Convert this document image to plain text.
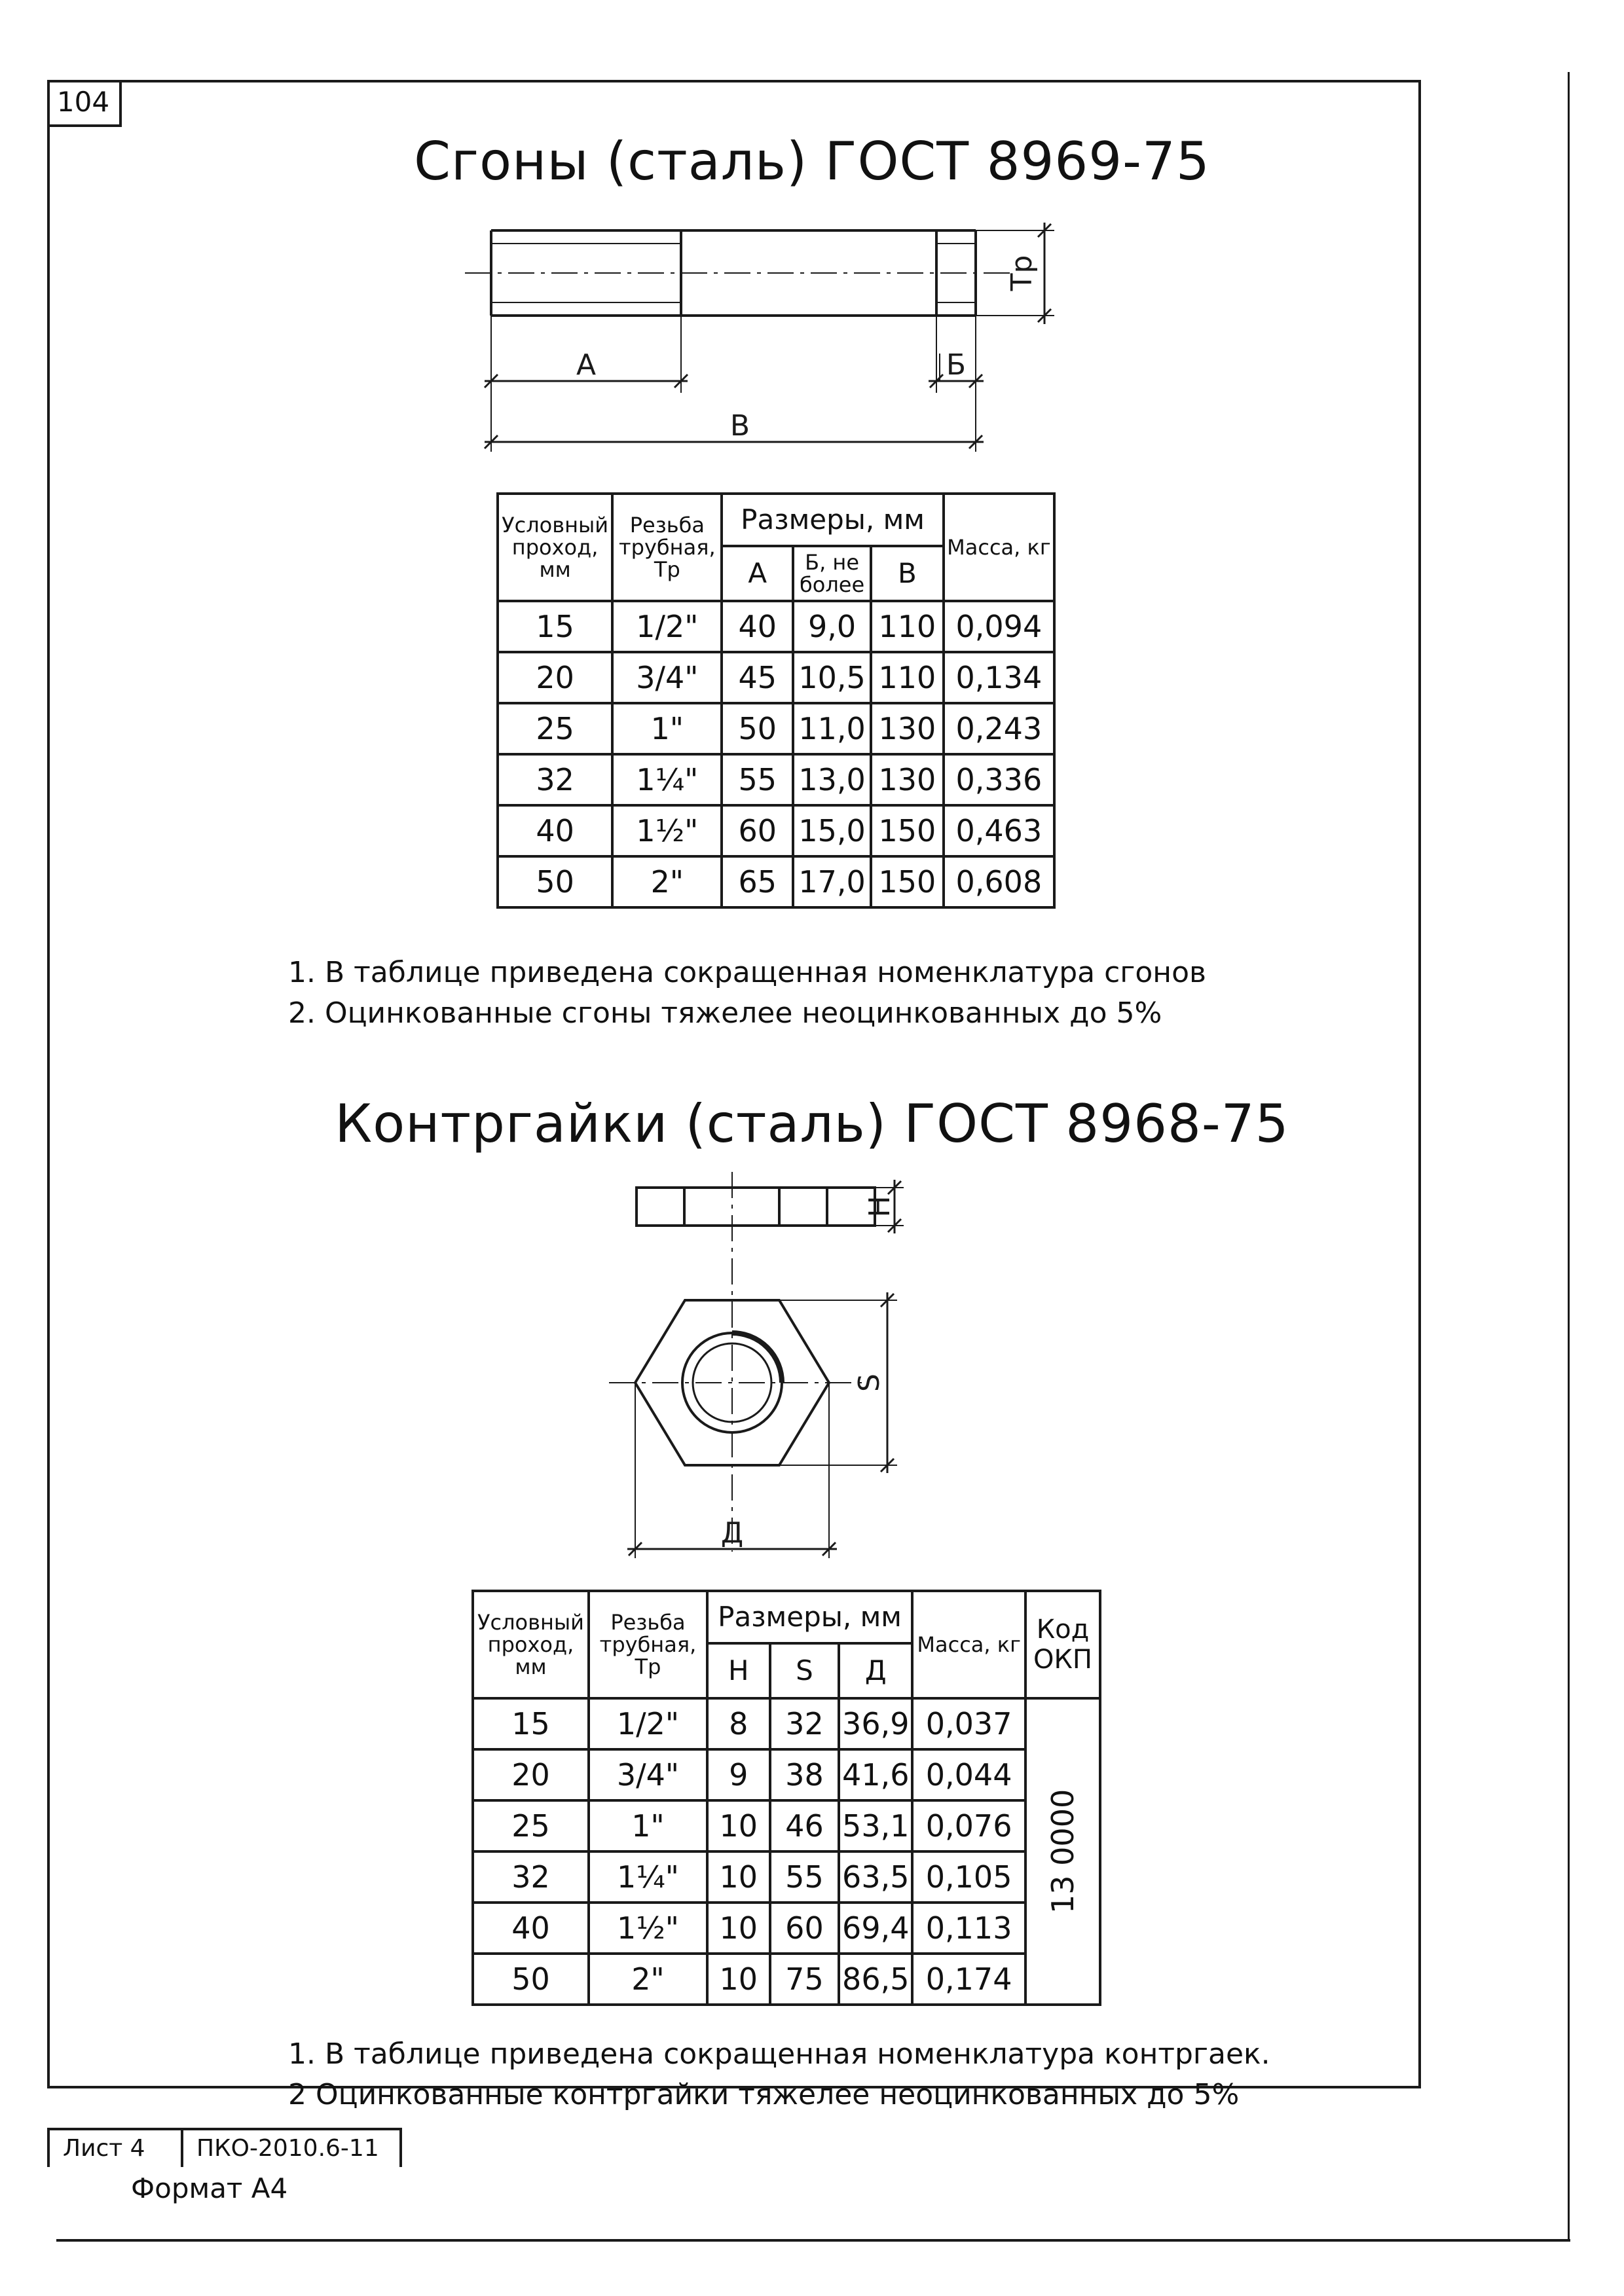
104
Сгоны (сталь) ГОСТ 8969-75
А	Б
В
Тр
Условный проход, мм	Резьба трубная, Тр	Размеры, мм			Масса, кг
		А	Б, не более	В	
15	1/2"	40	9,0	110	0,094
20	3/4"	45	10,5	110	0,134
25	1"	50	11,0	130	0,243
32	1¼"	55	13,0	130	0,336
40	1½"	60	15,0	150	0,463
50	2"	65	17,0	150	0,608
1. В таблице приведена сокращенная номенклатура сгонов
2. Оцинкованные сгоны тяжелее неоцинкованных до 5%
Контргайки (сталь) ГОСТ 8968-75
Н
S
Д
Условный проход, мм	Резьба трубная, Тр	Размеры, мм			Масса, кг	Код ОКП
		Н	S	Д		
15	1/2"	8	32	36,9	0,037	13 0000
20	3/4"	9	38	41,6	0,044	
25	1"	10	46	53,1	0,076	
32	1¼"	10	55	63,5	0,105	
40	1½"	10	60	69,4	0,113	
50	2"	10	75	86,5	0,174	
1. В таблице приведена сокращенная номенклатура контргаек.
2 Оцинкованные контргайки тяжелее неоцинкованных до 5%
Лист 4	ПКО-2010.6-11
Формат А4
